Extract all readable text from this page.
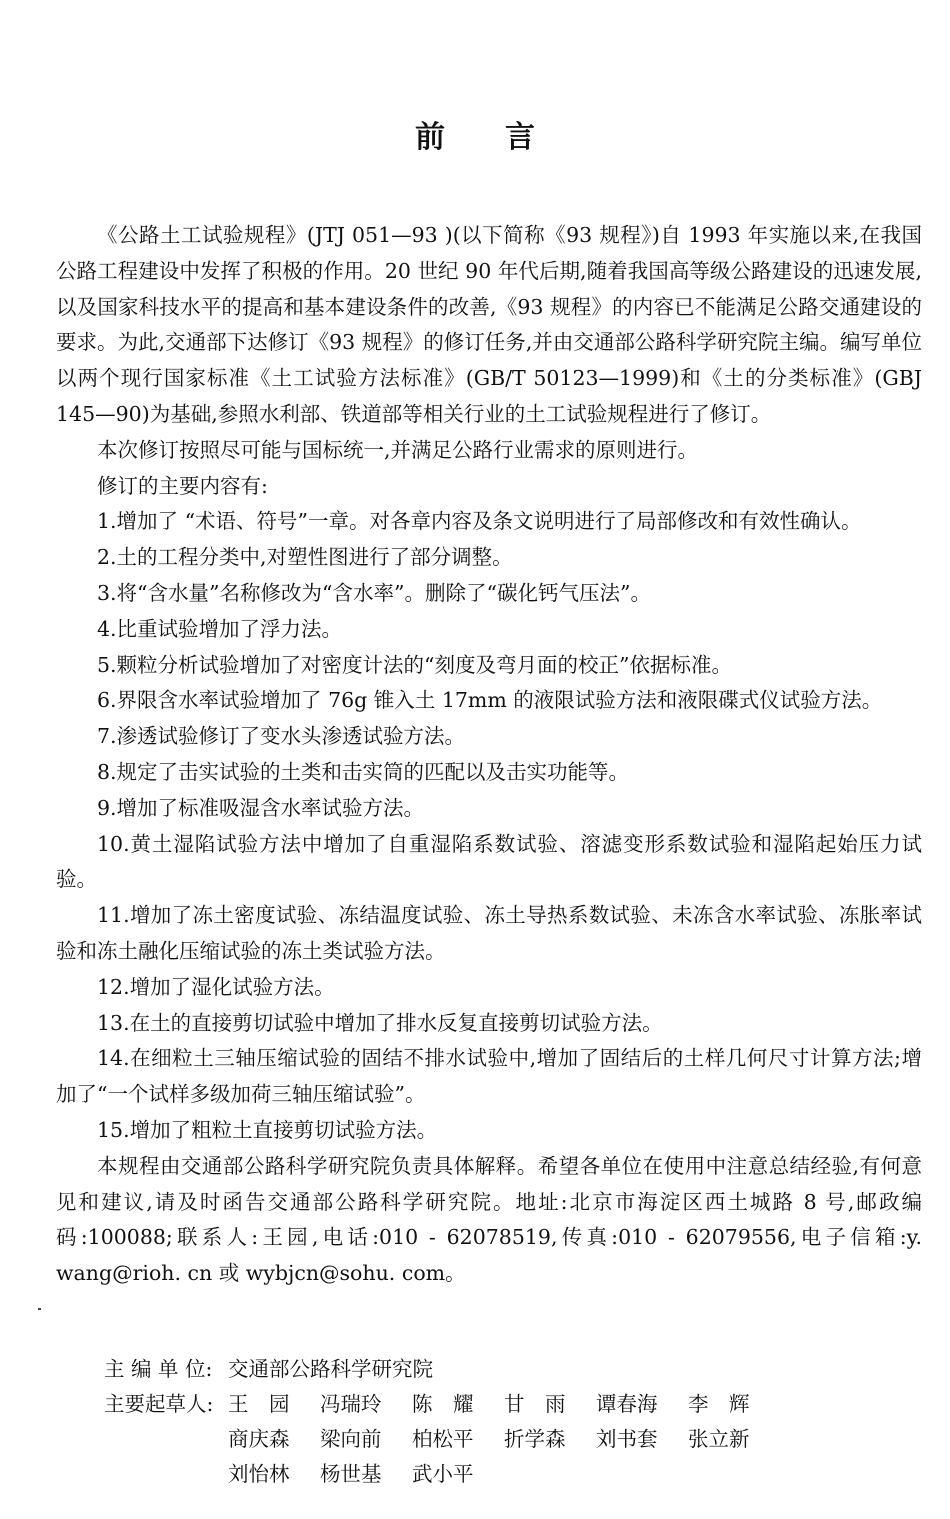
前 言

《公路土工试验规程》(JTJ 051—93 )(以下简称《93 规程》)自 1993 年实施以来,在我国公路工程建设中发挥了积极的作用。20 世纪 90 年代后期,随着我国高等级公路建设的迅速发展,以及国家科技水平的提高和基本建设条件的改善,《93 规程》的内容已不能满足公路交通建设的要求。为此,交通部下达修订《93 规程》的修订任务,并由交通部公路科学研究院主编。编写单位以两个现行国家标准《土工试验方法标准》(GB/T 50123—1999)和《土的分类标准》(GBJ 145—90)为基础,参照水利部、铁道部等相关行业的土工试验规程进行了修订。

本次修订按照尽可能与国标统一,并满足公路行业需求的原则进行。

修订的主要内容有:

1.增加了 “术语、符号”一章。对各章内容及条文说明进行了局部修改和有效性确认。

2.土的工程分类中,对塑性图进行了部分调整。

3.将“含水量”名称修改为“含水率”。删除了“碳化钙气压法”。

4.比重试验增加了浮力法。

5.颗粒分析试验增加了对密度计法的“刻度及弯月面的校正”依据标准。

6.界限含水率试验增加了 76g 锥入土 17mm 的液限试验方法和液限碟式仪试验方法。

7.渗透试验修订了变水头渗透试验方法。

8.规定了击实试验的土类和击实筒的匹配以及击实功能等。

9.增加了标准吸湿含水率试验方法。

10.黄土湿陷试验方法中增加了自重湿陷系数试验、溶滤变形系数试验和湿陷起始压力试验。

11.增加了冻土密度试验、冻结温度试验、冻土导热系数试验、未冻含水率试验、冻胀率试验和冻土融化压缩试验的冻土类试验方法。

12.增加了湿化试验方法。

13.在土的直接剪切试验中增加了排水反复直接剪切试验方法。

14.在细粒土三轴压缩试验的固结不排水试验中,增加了固结后的土样几何尺寸计算方法;增加了“一个试样多级加荷三轴压缩试验”。

15.增加了粗粒土直接剪切试验方法。

本规程由交通部公路科学研究院负责具体解释。希望各单位在使用中注意总结经验,有何意见和建议,请及时函告交通部公路科学研究院。地址:北京市海淀区西土城路 8 号,邮政编码:100088;联系人:王园,电话:010 - 62078519,传真:010 - 62079556,电子信箱:y. wang@rioh. cn 或 wybjcn@sohu. com。

主 编 单 位: 交通部公路科学研究院
主要起草人: 王　园	冯瑞玲	陈　耀	甘　雨	谭春海	李　辉
商庆森	梁向前	柏松平	折学森	刘书套	张立新
刘怡林	杨世基	武小平
